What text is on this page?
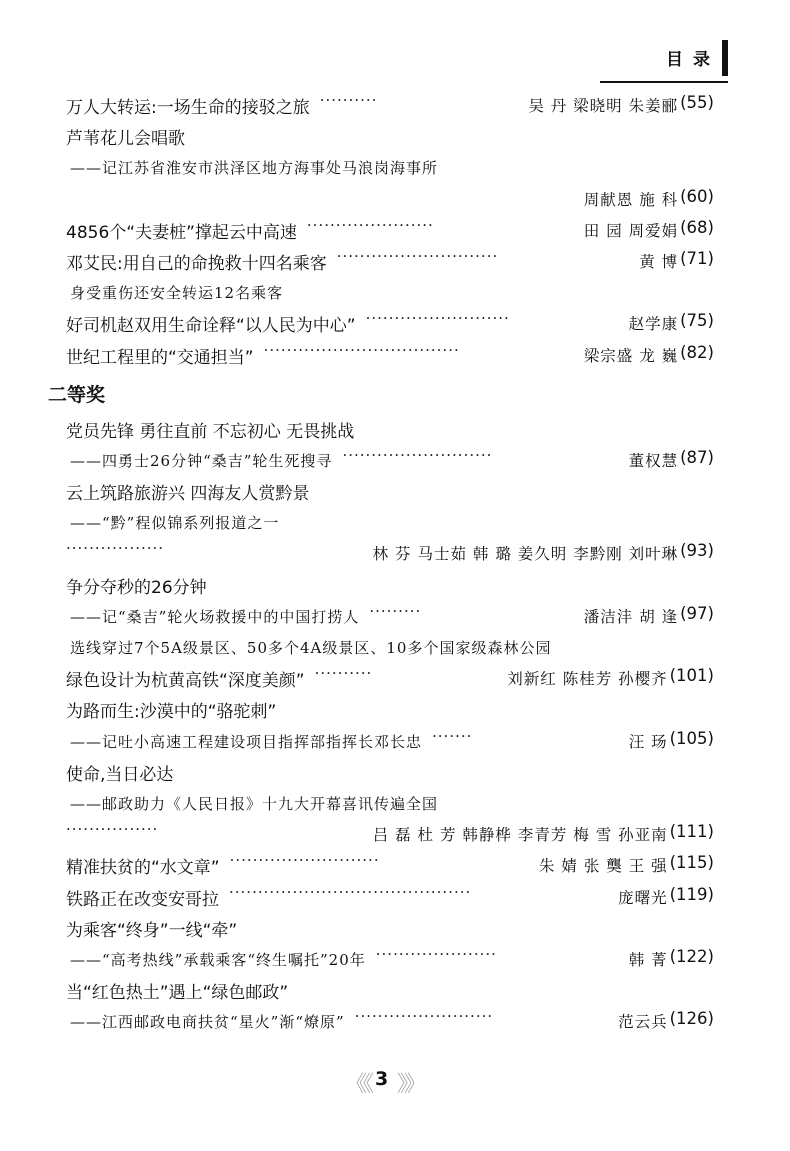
目录
万人大转运:一场生命的接驳之旅 ··········	吴 丹 梁晓明 朱姜郦 (55)
芦苇花儿会唱歌
——记江苏省淮安市洪泽区地方海事处马浪岗海事所
周献恩 施 科 (60)
4856个“夫妻桩”撑起云中高速 ······················	田 园 周爱娟 (68)
邓艾民:用自己的命挽救十四名乘客 ····························	黄 博 (71)
身受重伤还安全转运12名乘客
好司机赵双用生命诠释“以人民为中心” ·························	赵学康 (75)
世纪工程里的“交通担当” ··································	梁宗盛 龙 巍 (82)
二等奖
党员先锋 勇往直前 不忘初心 无畏挑战
——四勇士26分钟“桑吉”轮生死搜寻 ··························	董权慧 (87)
云上筑路旅游兴 四海友人赏黔景
——“黔”程似锦系列报道之一
·················	林 芬 马士茹 韩 璐 姜久明 李黔刚 刘叶琳 (93)
争分夺秒的26分钟
——记“桑吉”轮火场救援中的中国打捞人 ·········	潘洁沣 胡 逢 (97)
选线穿过7个5A级景区、50多个4A级景区、10多个国家级森林公园
绿色设计为杭黄高铁“深度美颜” ··········	刘新红 陈桂芳 孙樱齐 (101)
为路而生:沙漠中的“骆驼刺”
——记吐小高速工程建设项目指挥部指挥长邓长忠 ·······	汪 玚 (105)
使命,当日必达
——邮政助力《人民日报》十九大开幕喜讯传遍全国
················	吕 磊 杜 芳 韩静桦 李青芳 梅 雪 孙亚南 (111)
精准扶贫的“水文章” ··························	朱 婧 张 龑 王 强 (115)
铁路正在改变安哥拉 ··········································	庞曙光 (119)
为乘客“终身”一线“牵”
——“高考热线”承载乘客“终生嘱托”20年 ·····················	韩 菁 (122)
当“红色热土”遇上“绿色邮政”
——江西邮政电商扶贫“星火”渐“燎原” ························	范云兵 (126)
《《 3 》》
